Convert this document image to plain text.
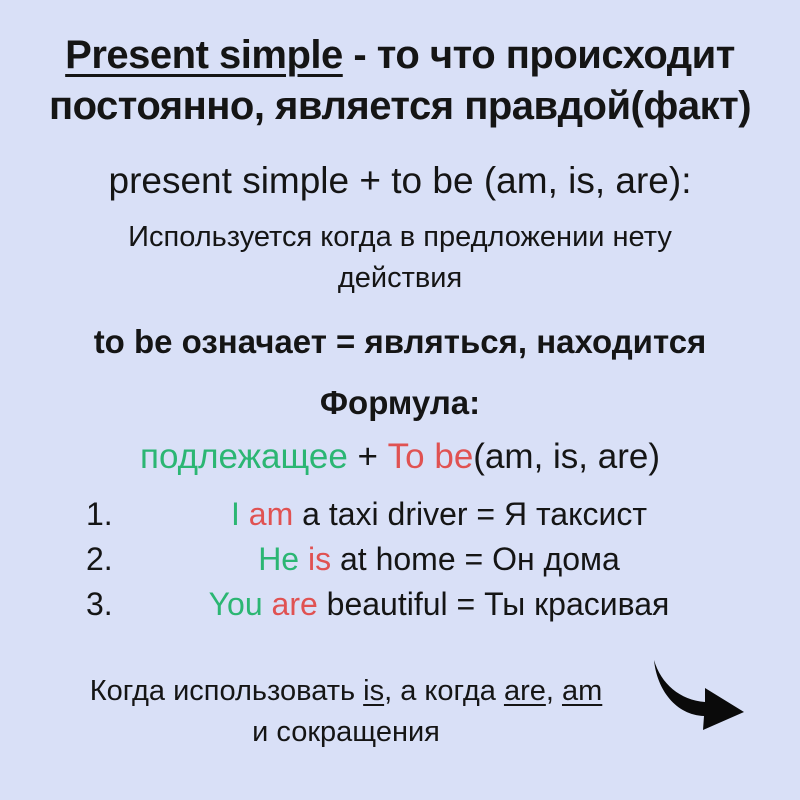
Present simple - то что происходит постоянно, является правдой(факт)
present simple + to be (am, is, are):
Используется когда в предложении нету действия
to be означает = являться, находится
Формула:
подлежащее + To be(am, is, are)
1.	I am a taxi driver = Я таксист
2.	He is at home = Он дома
3.	You are beautiful = Ты красивая
Когда использовать is, а когда are, am
и сокращения
